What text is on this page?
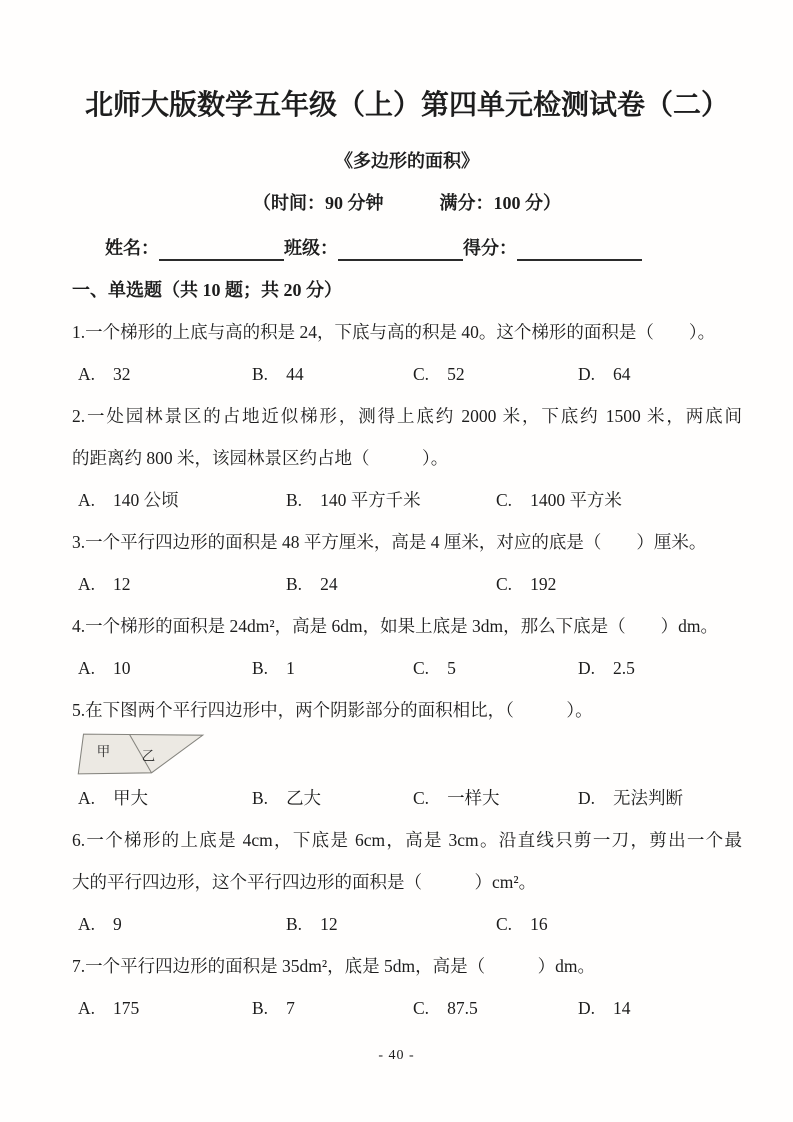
北师大版数学五年级（上）第四单元检测试卷（二）
《多边形的面积》
（时间：90 分钟	满分：100 分）
姓名：	班级：	得分：
一、单选题（共 10 题；共 20 分）
1.一个梯形的上底与高的积是 24，下底与高的积是 40。这个梯形的面积是（　　）。
A. 32	B. 44	C. 52	D. 64
2.一处园林景区的占地近似梯形，测得上底约 2000 米，下底约 1500 米，两底间
的距离约 800 米，该园林景区约占地（　　　）。
A. 140 公顷	B. 140 平方千米	C. 1400 平方米
3.一个平行四边形的面积是 48 平方厘米，高是 4 厘米，对应的底是（　　）厘米。
A. 12	B. 24	C. 192
4.一个梯形的面积是 24dm²，高是 6dm，如果上底是 3dm，那么下底是（　　）dm。
A. 10	B. 1	C. 5	D. 2.5
5.在下图两个平行四边形中，两个阴影部分的面积相比，（　　　）。
甲 乙
A. 甲大	B. 乙大	C. 一样大	D. 无法判断
6.一个梯形的上底是 4cm，下底是 6cm，高是 3cm。沿直线只剪一刀，剪出一个最
大的平行四边形，这个平行四边形的面积是（　　　）cm²。
A. 9	B. 12	C. 16
7.一个平行四边形的面积是 35dm²，底是 5dm，高是（　　　）dm。
A. 175	B. 7	C. 87.5	D. 14
- 40 -
